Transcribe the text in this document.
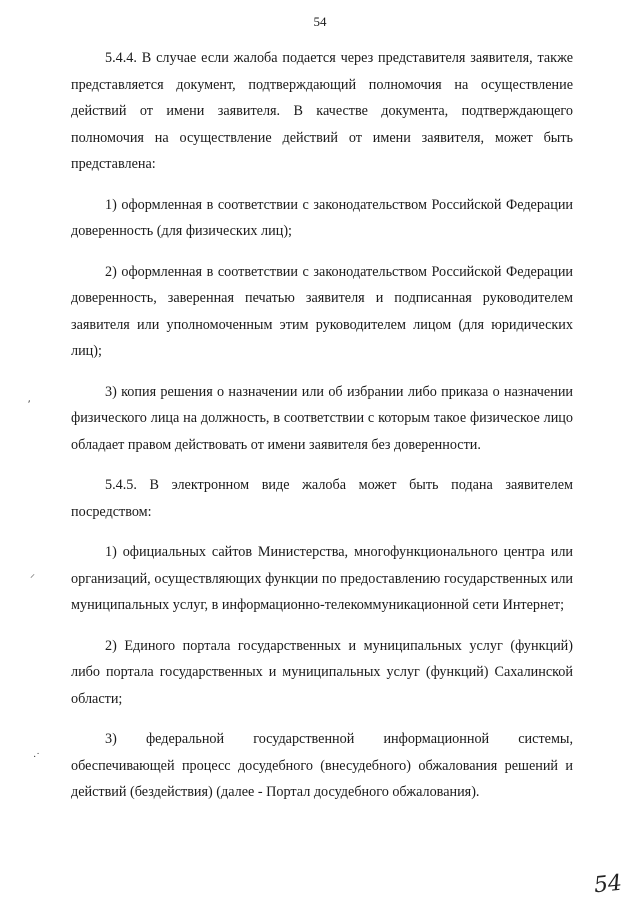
54

5.4.4. В случае если жалоба подается через представителя заявителя, также представляется документ, подтверждающий полномочия на осуществление действий от имени заявителя. В качестве документа, подтверждающего полномочия на осуществление действий от имени заявителя, может быть представлена:

1) оформленная в соответствии с законодательством Российской Федерации доверенность (для физических лиц);

2) оформленная в соответствии с законодательством Российской Федерации доверенность, заверенная печатью заявителя и подписанная руководителем заявителя или уполномоченным этим руководителем лицом (для юридических лиц);

3) копия решения о назначении или об избрании либо приказа о назначении физического лица на должность, в соответствии с которым такое физическое лицо обладает правом действовать от имени заявителя без доверенности.

5.4.5. В электронном виде жалоба может быть подана заявителем посредством:

1) официальных сайтов Министерства, многофункционального центра или организаций, осуществляющих функции по предоставлению государственных или муниципальных услуг, в информационно-телекоммуникационной сети Интернет;

2) Единого портала государственных и муниципальных услуг (функций) либо портала государственных и муниципальных услуг (функций) Сахалинской области;

3) федеральной государственной информационной системы, обеспечивающей процесс досудебного (внесудебного) обжалования решений и действий (бездействия) (далее - Портал досудебного обжалования).

⸴
⸝
·˙
54
